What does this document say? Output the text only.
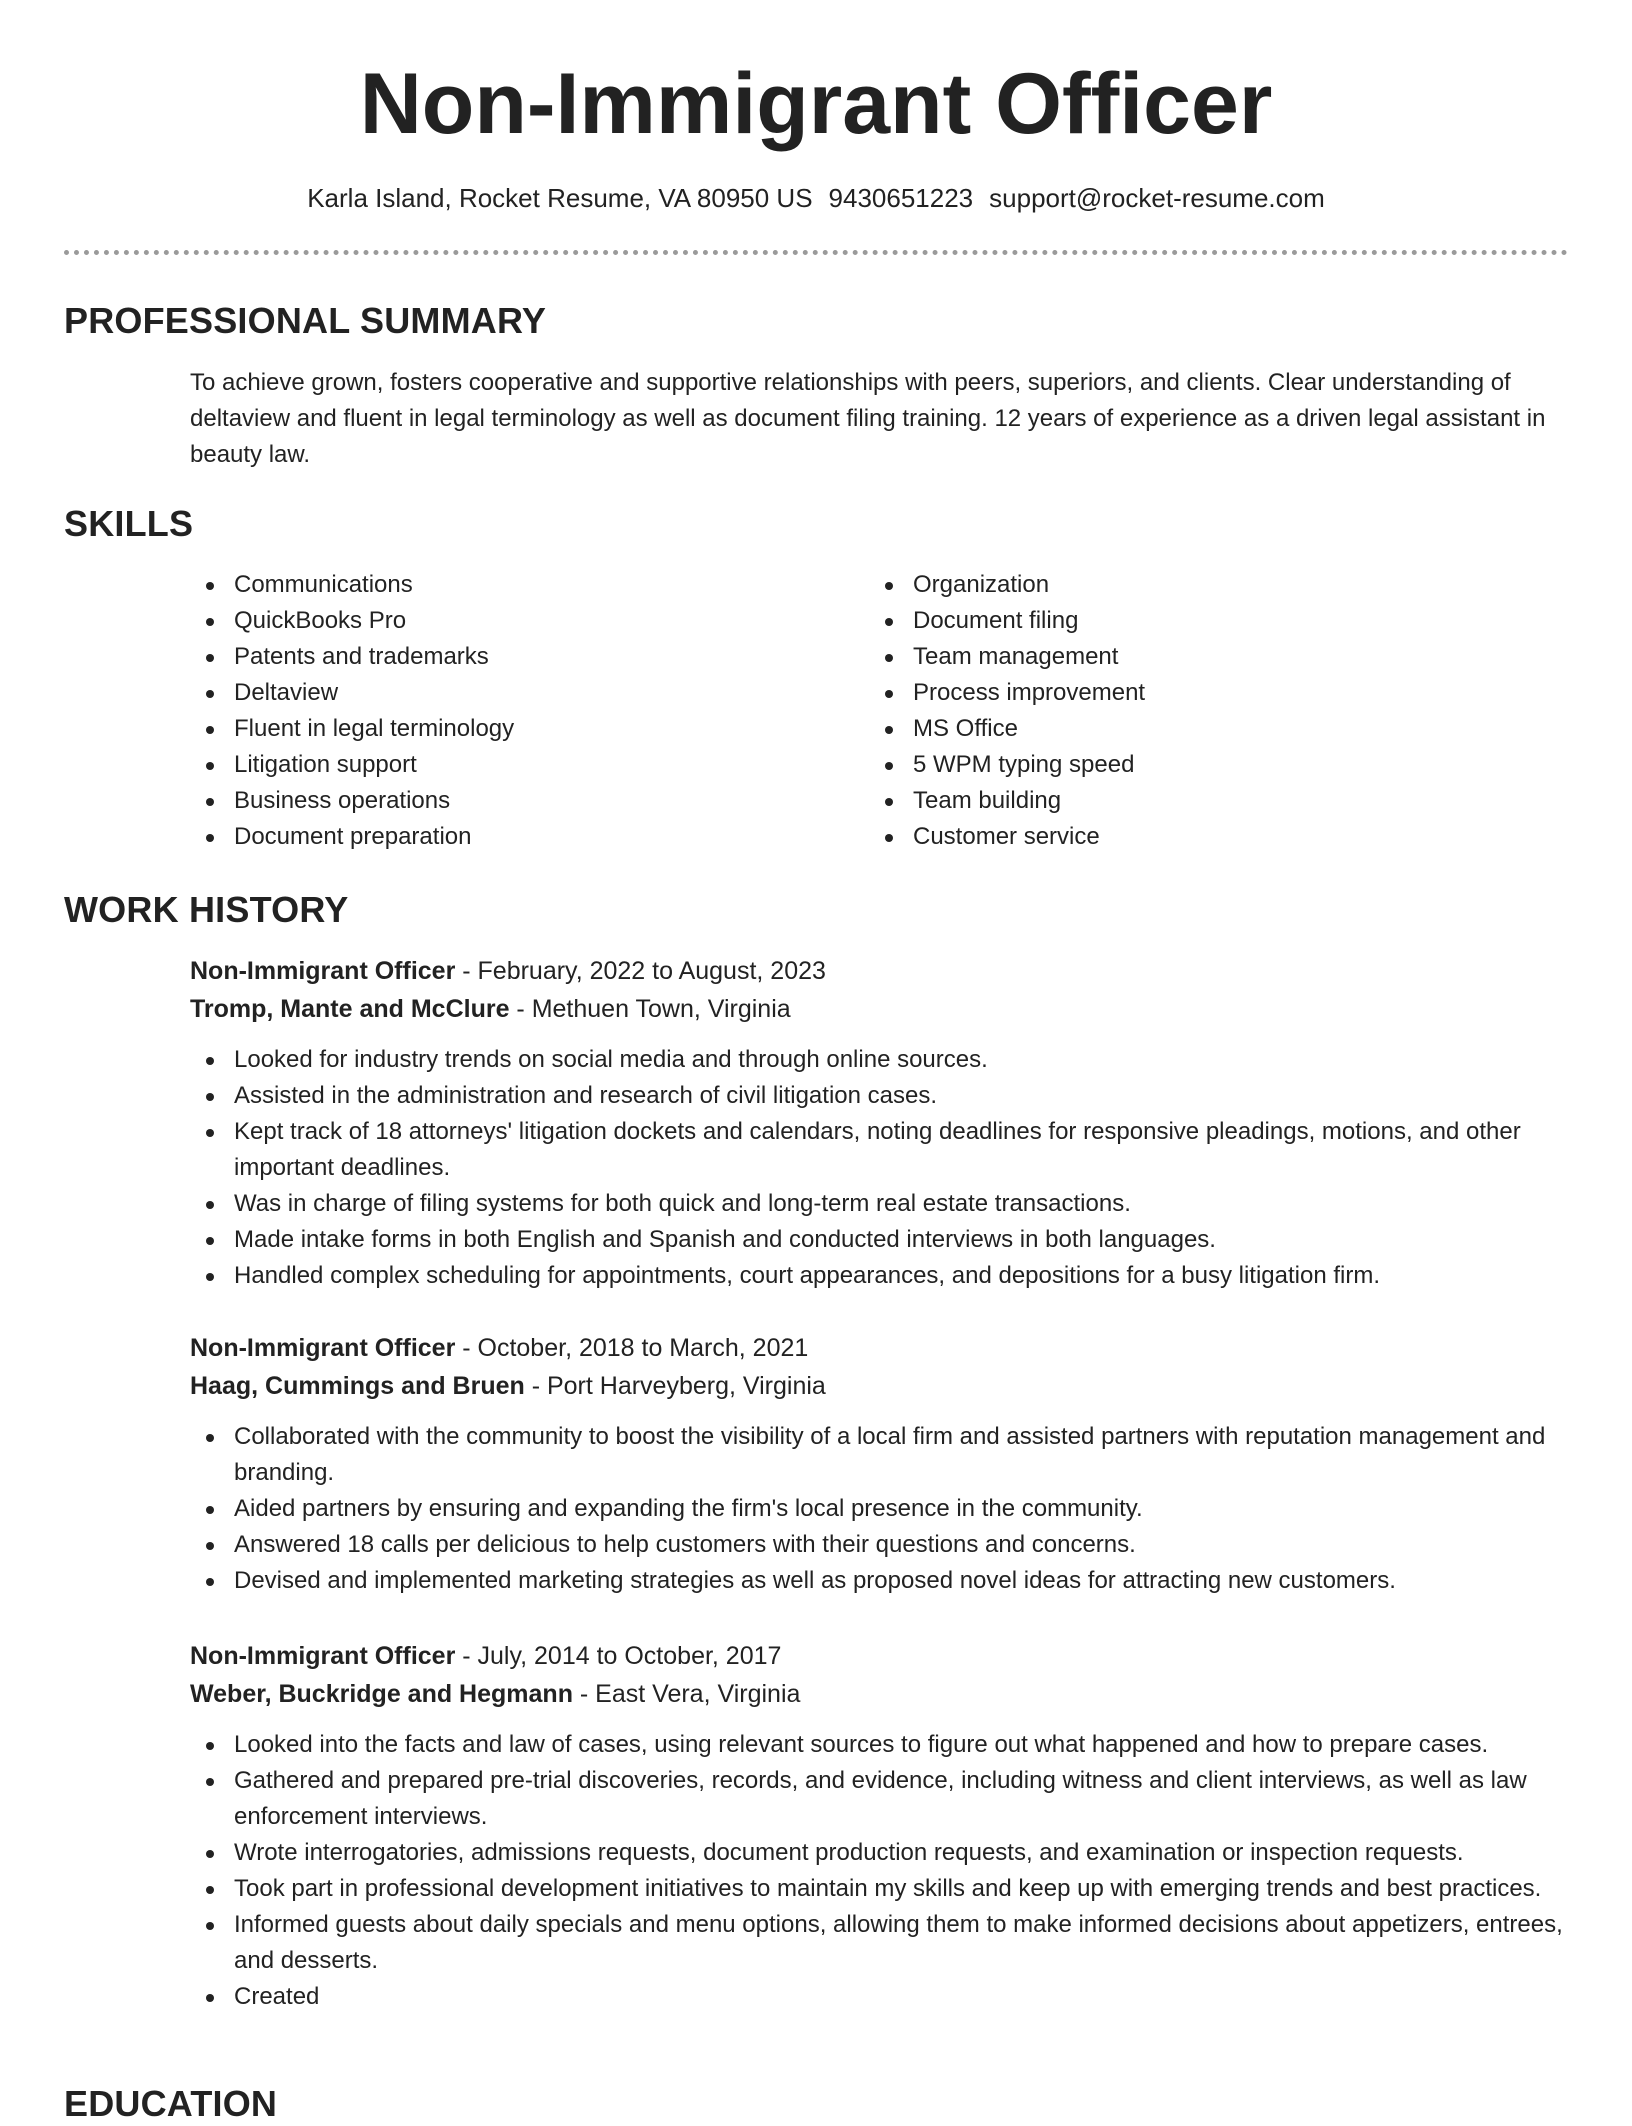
Non-Immigrant Officer
Karla Island, Rocket Resume, VA 80950 US 9430651223 support@rocket-resume.com
PROFESSIONAL SUMMARY

To achieve grown, fosters cooperative and supportive relationships with peers, superiors, and clients. Clear understanding of deltaview and fluent in legal terminology as well as document filing training. 12 years of experience as a driven legal assistant in beauty law.

SKILLS
Communications
QuickBooks Pro
Patents and trademarks
Deltaview
Fluent in legal terminology
Litigation support
Business operations
Document preparation
Organization
Document filing
Team management
Process improvement
MS Office
5 WPM typing speed
Team building
Customer service
WORK HISTORY
Non-Immigrant Officer - February, 2022 to August, 2023
Tromp, Mante and McClure - Methuen Town, Virginia
Looked for industry trends on social media and through online sources.
Assisted in the administration and research of civil litigation cases.
Kept track of 18 attorneys' litigation dockets and calendars, noting deadlines for responsive pleadings, motions, and other important deadlines.
Was in charge of filing systems for both quick and long-term real estate transactions.
Made intake forms in both English and Spanish and conducted interviews in both languages.
Handled complex scheduling for appointments, court appearances, and depositions for a busy litigation firm.
Non-Immigrant Officer - October, 2018 to March, 2021
Haag, Cummings and Bruen - Port Harveyberg, Virginia
Collaborated with the community to boost the visibility of a local firm and assisted partners with reputation management and branding.
Aided partners by ensuring and expanding the firm's local presence in the community.
Answered 18 calls per delicious to help customers with their questions and concerns.
Devised and implemented marketing strategies as well as proposed novel ideas for attracting new customers.
Non-Immigrant Officer - July, 2014 to October, 2017
Weber, Buckridge and Hegmann - East Vera, Virginia
Looked into the facts and law of cases, using relevant sources to figure out what happened and how to prepare cases.
Gathered and prepared pre-trial discoveries, records, and evidence, including witness and client interviews, as well as law enforcement interviews.
Wrote interrogatories, admissions requests, document production requests, and examination or inspection requests.
Took part in professional development initiatives to maintain my skills and keep up with emerging trends and best practices.
Informed guests about daily specials and menu options, allowing them to make informed decisions about appetizers, entrees, and desserts.
Created
EDUCATION
